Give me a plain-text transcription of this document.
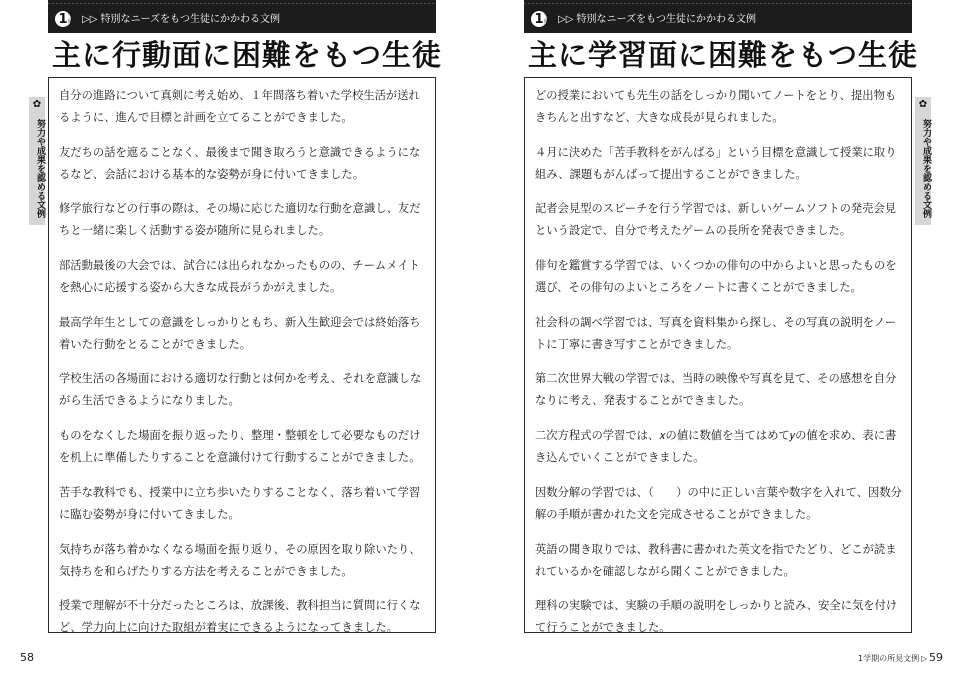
1 学期 ▷▷ 特別なニーズをもつ生徒にかかわる文例
主に行動面に困難をもつ生徒
自分の進路について真剣に考え始め、１年間落ち着いた学校生活が送れるように、進んで目標と計画を立てることができました。
友だちの話を遮ることなく、最後まで聞き取ろうと意識できるようになるなど、会話における基本的な姿勢が身に付いてきました。
修学旅行などの行事の際は、その場に応じた適切な行動を意識し、友だちと一緒に楽しく活動する姿が随所に見られました。
部活動最後の大会では、試合には出られなかったものの、チームメイトを熱心に応援する姿から大きな成長がうかがえました。
最高学年生としての意識をしっかりともち、新入生歓迎会では終始落ち着いた行動をとることができました。
学校生活の各場面における適切な行動とは何かを考え、それを意識しながら生活できるようになりました。
ものをなくした場面を振り返ったり、整理・整頓をして必要なものだけを机上に準備したりすることを意識付けて行動することができました。
苦手な教科でも、授業中に立ち歩いたりすることなく、落ち着いて学習に臨む姿勢が身に付いてきました。
気持ちが落ち着かなくなる場面を振り返り、その原因を取り除いたり、気持ちを和らげたりする方法を考えることができました。
授業で理解が不十分だったところは、放課後、教科担当に質問に行くなど、学力向上に向けた取組が着実にできるようになってきました。
✿
努力や成果を認める文例
58
1 学期 ▷▷ 特別なニーズをもつ生徒にかかわる文例
主に学習面に困難をもつ生徒
どの授業においても先生の話をしっかり聞いてノートをとり、提出物もきちんと出すなど、大きな成長が見られました。
４月に決めた「苦手教科をがんばる」という目標を意識して授業に取り組み、課題もがんばって提出することができました。
記者会見型のスピーチを行う学習では、新しいゲームソフトの発売会見という設定で、自分で考えたゲームの長所を発表できました。
俳句を鑑賞する学習では、いくつかの俳句の中からよいと思ったものを選び、その俳句のよいところをノートに書くことができました。
社会科の調べ学習では、写真を資料集から探し、その写真の説明をノートに丁寧に書き写すことができました。
第二次世界大戦の学習では、当時の映像や写真を見て、その感想を自分なりに考え、発表することができました。
二次方程式の学習では、𝑥の値に数値を当てはめて𝑦の値を求め、表に書き込んでいくことができました。
因数分解の学習では、（　　）の中に正しい言葉や数字を入れて、因数分解の手順が書かれた文を完成させることができました。
英語の聞き取りでは、教科書に書かれた英文を指でたどり、どこが読まれているかを確認しながら聞くことができました。
理科の実験では、実験の手順の説明をしっかりと読み、安全に気を付けて行うことができました。
✿
努力や成果を認める文例
1学期の所見文例 ▷ 59
